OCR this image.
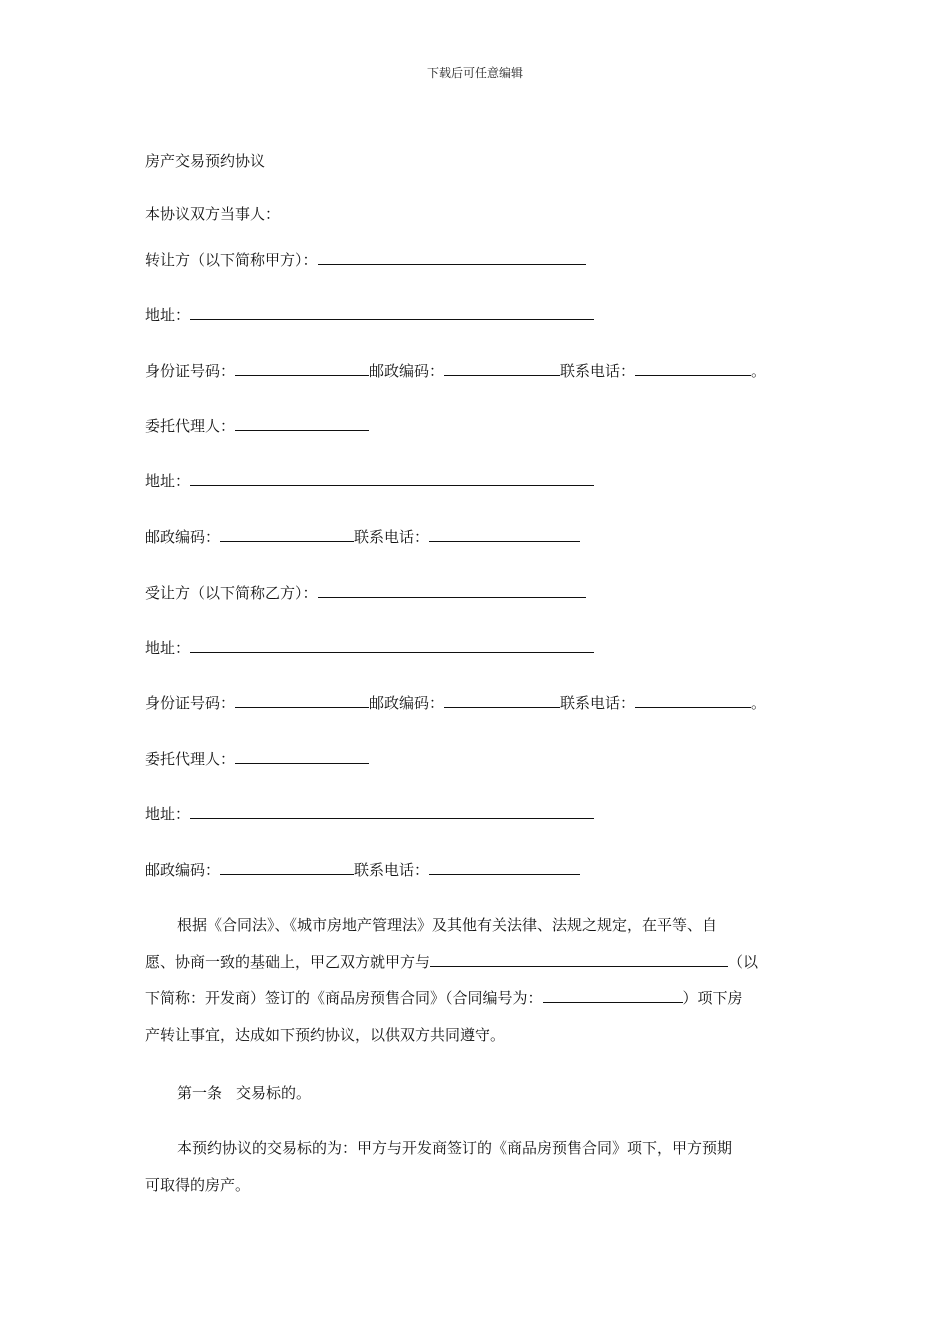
下载后可任意编辑
房产交易预约协议
本协议双方当事人：
转让方（以下简称甲方）：
地址：
身份证号码：	邮政编码：	联系电话：	。
委托代理人：
地址：
邮政编码：	联系电话：
受让方（以下简称乙方）：
地址：
身份证号码：	邮政编码：	联系电话：	。
委托代理人：
地址：
邮政编码：	联系电话：
根据《合同法》、《城市房地产管理法》及其他有关法律、法规之规定，在平等、自
愿、协商一致的基础上，甲乙双方就甲方与	（以
下简称：开发商）签订的《商品房预售合同》（合同编号为：	）项下房
产转让事宜，达成如下预约协议，以供双方共同遵守。
第一条 交易标的。
本预约协议的交易标的为：甲方与开发商签订的《商品房预售合同》项下，甲方预期
可取得的房产。
